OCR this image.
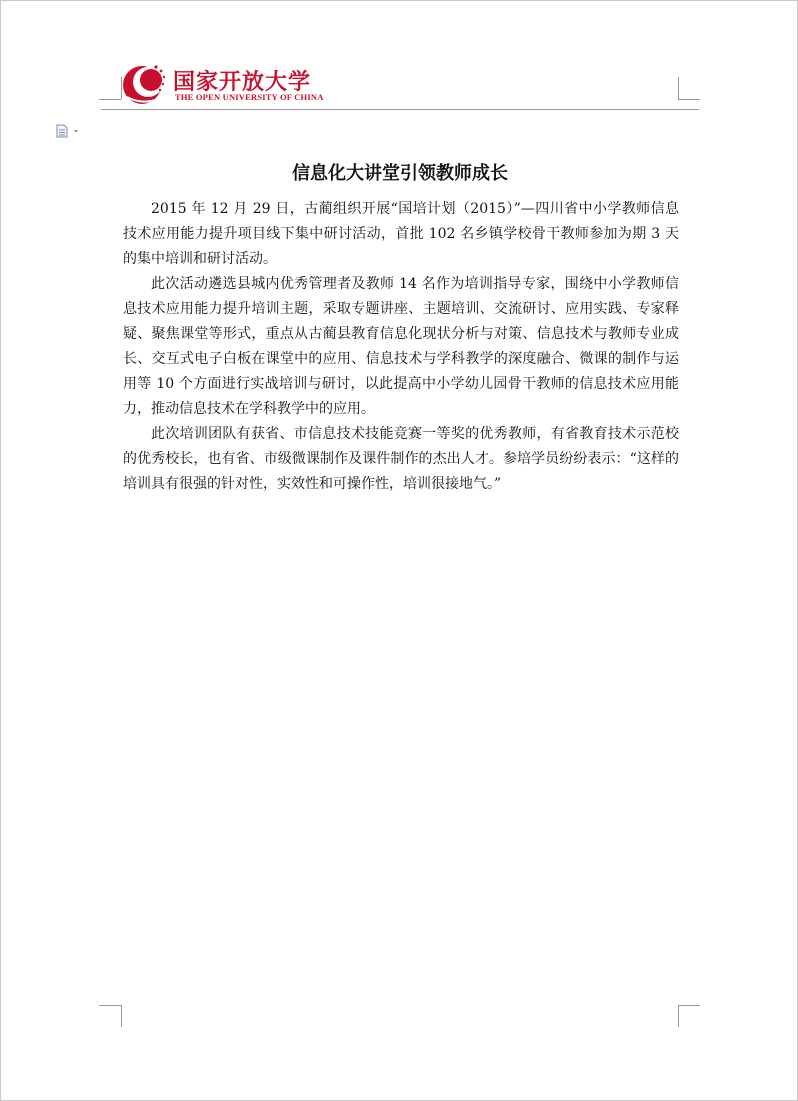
国家开放大学
THE OPEN UNIVERSITY OF CHINA
信息化大讲堂引领教师成长

2015 年 12 月 29 日，古蔺组织开展“国培计划（2015）”—四川省中小学教师信息技术应用能力提升项目线下集中研讨活动，首批 102 名乡镇学校骨干教师参加为期 3 天的集中培训和研讨活动。

此次活动遴选县城内优秀管理者及教师 14 名作为培训指导专家，围绕中小学教师信息技术应用能力提升培训主题，采取专题讲座、主题培训、交流研讨、应用实践、专家释疑、聚焦课堂等形式，重点从古蔺县教育信息化现状分析与对策、信息技术与教师专业成长、交互式电子白板在课堂中的应用、信息技术与学科教学的深度融合、微课的制作与运用等 10 个方面进行实战培训与研讨，以此提高中小学幼儿园骨干教师的信息技术应用能力，推动信息技术在学科教学中的应用。

此次培训团队有获省、市信息技术技能竞赛一等奖的优秀教师，有省教育技术示范校的优秀校长，也有省、市级微课制作及课件制作的杰出人才。参培学员纷纷表示：“这样的培训具有很强的针对性，实效性和可操作性，培训很接地气。”
